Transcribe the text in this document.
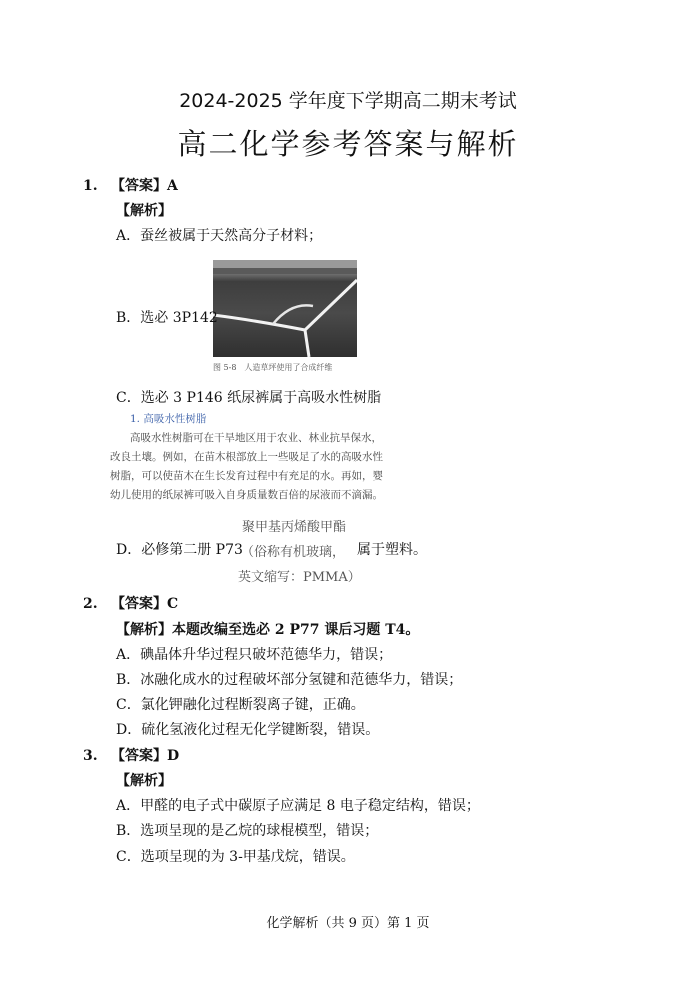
2024-2025 学年度下学期高二期末考试
高二化学参考答案与解析
1. 【答案】A
【解析】
A．蚕丝被属于天然高分子材料；
B．选必 3P142
图 5-8　人造草坪使用了合成纤维
C．选必 3 P146 纸尿裤属于高吸水性树脂
1. 高吸水性树脂
高吸水性树脂可在干旱地区用于农业、林业抗旱保水，
改良土壤。例如，在苗木根部放上一些吸足了水的高吸水性
树脂，可以使苗木在生长发育过程中有充足的水。再如，婴
幼儿使用的纸尿裤可吸入自身质量数百倍的尿液而不滴漏。
聚甲基丙烯酸甲酯
D．必修第二册 P73
（俗称有机玻璃， 属于塑料。
英文缩写：PMMA）
2. 【答案】C
【解析】本题改编至选必 2 P77 课后习题 T4。
A．碘晶体升华过程只破坏范德华力，错误；
B．冰融化成水的过程破坏部分氢键和范德华力，错误；
C．氯化钾融化过程断裂离子键，正确。
D．硫化氢液化过程无化学键断裂，错误。
3. 【答案】D
【解析】
A．甲醛的电子式中碳原子应满足 8 电子稳定结构，错误；
B．选项呈现的是乙烷的球棍模型，错误；
C．选项呈现的为 3-甲基戊烷，错误。
化学解析（共 9 页）第 1 页
